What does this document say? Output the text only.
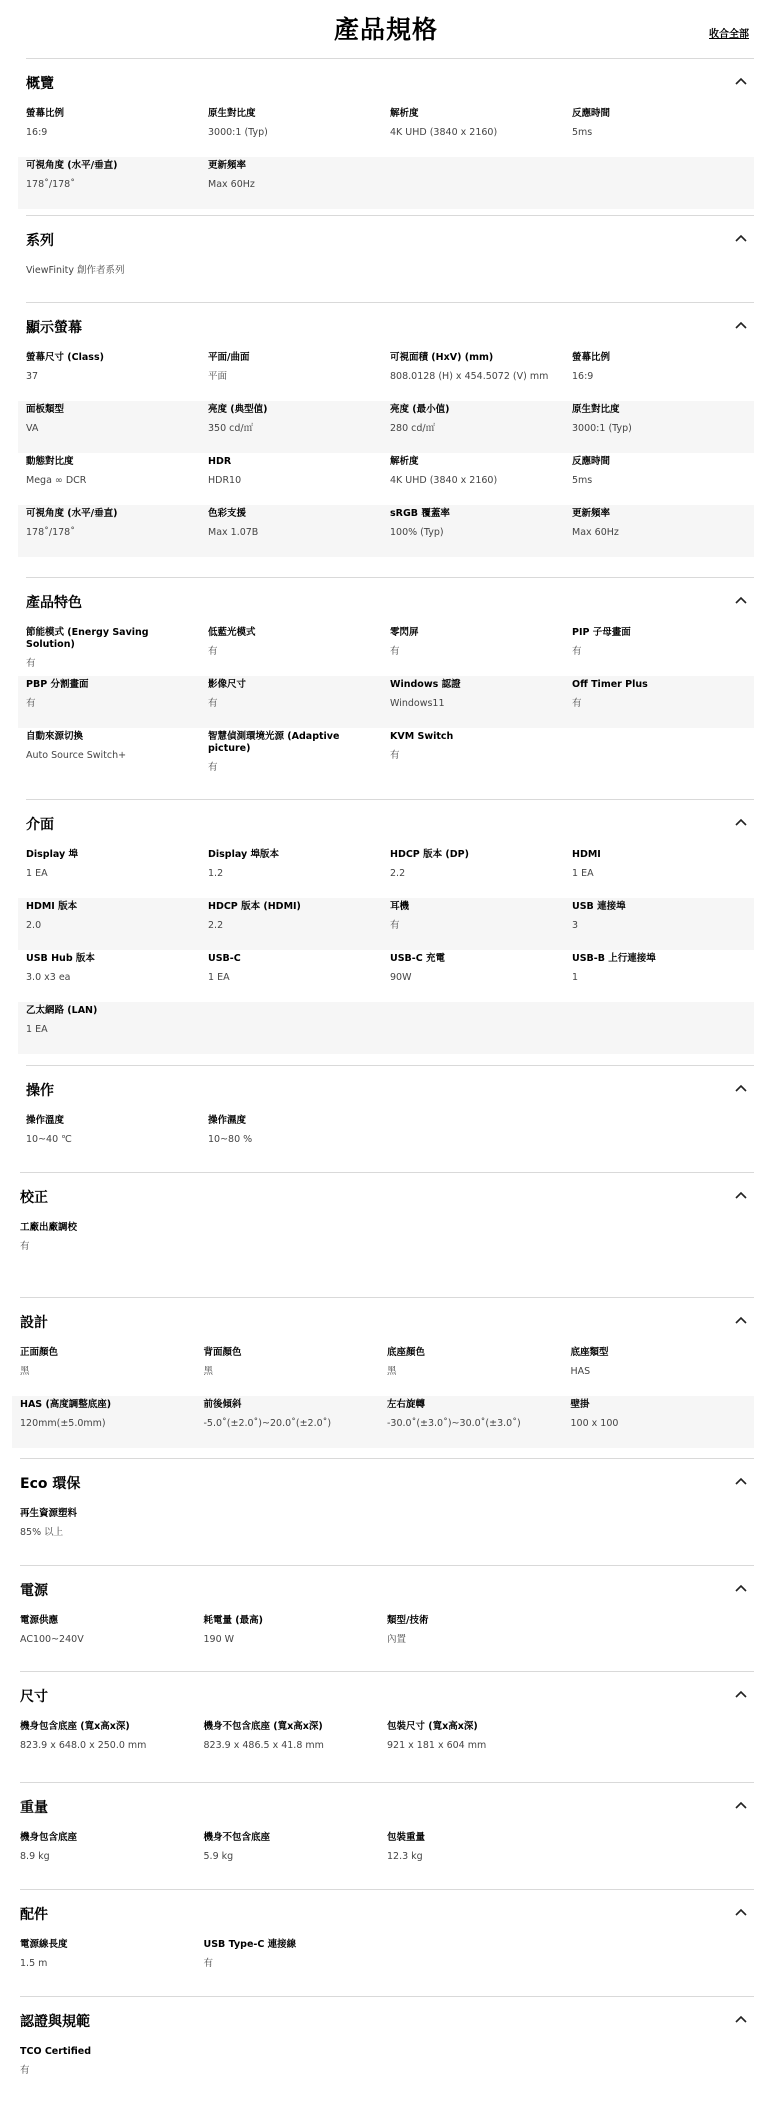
產品規格	收合全部
概覽
螢幕比例
16:9
原生對比度
3000:1 (Typ)
解析度
4K UHD (3840 x 2160)
反應時間
5ms
可視角度 (水平/垂直)
178˚/178˚
更新頻率
Max 60Hz
系列
ViewFinity 創作者系列
顯示螢幕
螢幕尺寸 (Class)
37
平面/曲面
平面
可視面積 (HxV) (mm)
808.0128 (H) x 454.5072 (V) mm
螢幕比例
16:9
面板類型
VA
亮度 (典型值)
350 cd/㎡
亮度 (最小值)
280 cd/㎡
原生對比度
3000:1 (Typ)
動態對比度
Mega ∞ DCR
HDR
HDR10
解析度
4K UHD (3840 x 2160)
反應時間
5ms
可視角度 (水平/垂直)
178˚/178˚
色彩支援
Max 1.07B
sRGB 覆蓋率
100% (Typ)
更新頻率
Max 60Hz
產品特色
節能模式 (Energy Saving Solution)
有
低藍光模式
有
零閃屏
有
PIP 子母畫面
有
PBP 分割畫面
有
影像尺寸
有
Windows 認證
Windows11
Off Timer Plus
有
自動來源切換
Auto Source Switch+
智慧偵測環境光源 (Adaptive picture)
有
KVM Switch
有
介面
Display 埠
1 EA
Display 埠版本
1.2
HDCP 版本 (DP)
2.2
HDMI
1 EA
HDMI 版本
2.0
HDCP 版本 (HDMI)
2.2
耳機
有
USB 連接埠
3
USB Hub 版本
3.0 x3 ea
USB-C
1 EA
USB-C 充電
90W
USB-B 上行連接埠
1
乙太網路 (LAN)
1 EA
操作
操作溫度
10~40 ℃
操作濕度
10~80 %
校正
工廠出廠調校
有
設計
正面顏色
黑
背面顏色
黑
底座顏色
黑
底座類型
HAS
HAS (高度調整底座)
120mm(±5.0mm)
前後傾斜
-5.0˚(±2.0˚)~20.0˚(±2.0˚)
左右旋轉
-30.0˚(±3.0˚)~30.0˚(±3.0˚)
壁掛
100 x 100
Eco 環保
再生資源塑料
85% 以上
電源
電源供應
AC100~240V
耗電量 (最高)
190 W
類型/技術
內置
尺寸
機身包含底座 (寬x高x深)
823.9 x 648.0 x 250.0 mm
機身不包含底座 (寬x高x深)
823.9 x 486.5 x 41.8 mm
包裝尺寸 (寬x高x深)
921 x 181 x 604 mm
重量
機身包含底座
8.9 kg
機身不包含底座
5.9 kg
包裝重量
12.3 kg
配件
電源線長度
1.5 m
USB Type-C 連接線
有
認證與規範
TCO Certified
有
